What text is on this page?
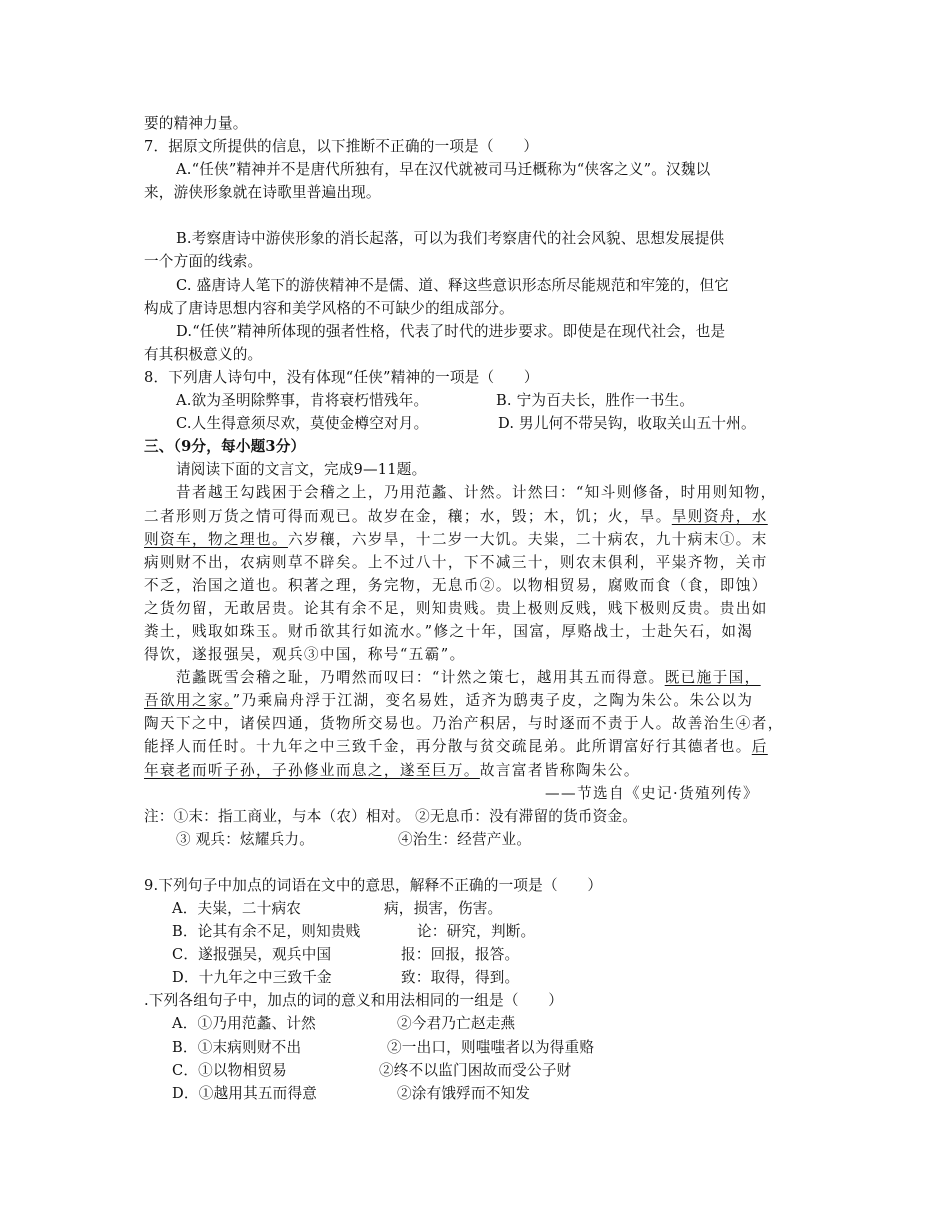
要的精神力量。
7．据原文所提供的信息，以下推断不正确的一项是（　　）
A.“任侠”精神并不是唐代所独有，早在汉代就被司马迁概称为“侠客之义”。汉魏以
来，游侠形象就在诗歌里普遍出现。
B.考察唐诗中游侠形象的消长起落，可以为我们考察唐代的社会风貌、思想发展提供
一个方面的线索。
C. 盛唐诗人笔下的游侠精神不是儒、道、释这些意识形态所尽能规范和牢笼的，但它
构成了唐诗思想内容和美学风格的不可缺少的组成部分。
D.“任侠”精神所体现的强者性格，代表了时代的进步要求。即使是在现代社会，也是
有其积极意义的。
8．下列唐人诗句中，没有体现“任侠”精神的一项是（　　）
A.欲为圣明除弊事，肯将衰朽惜残年。	B. 宁为百夫长，胜作一书生。
C.人生得意须尽欢，莫使金樽空对月。	D. 男儿何不带吴钩，收取关山五十州。
三、（9分，每小题3分）
请阅读下面的文言文，完成9—11题。
昔者越王勾践困于会稽之上，乃用范蠡、计然。计然曰：“知斗则修备，时用则知物，
二者形则万货之情可得而观已。故岁在金，穰；水，毁；木，饥；火，旱。旱则资舟，水
则资车，物之理也。六岁穰，六岁旱，十二岁一大饥。夫粜，二十病农，九十病末①。末
病则财不出，农病则草不辟矣。上不过八十，下不减三十，则农末俱利，平粜齐物，关市
不乏，治国之道也。积著之理，务完物，无息币②。以物相贸易，腐败而食（食，即蚀）
之货勿留，无敢居贵。论其有余不足，则知贵贱。贵上极则反贱，贱下极则反贵。贵出如
粪土，贱取如珠玉。财币欲其行如流水。”修之十年，国富，厚赂战士，士赴矢石，如渴
得饮，遂报强吴，观兵③中国，称号“五霸”。
范蠡既雪会稽之耻，乃喟然而叹曰：“计然之策七，越用其五而得意。既已施于国，
吾欲用之家。”乃乘扁舟浮于江湖，变名易姓，适齐为鸱夷子皮，之陶为朱公。朱公以为
陶天下之中，诸侯四通，货物所交易也。乃治产积居，与时逐而不责于人。故善治生④者，
能择人而任时。十九年之中三致千金，再分散与贫交疏昆弟。此所谓富好行其德者也。后
年衰老而听子孙，子孙修业而息之，遂至巨万。故言富者皆称陶朱公。
——节选自《史记·货殖列传》
注：①末：指工商业，与本（农）相对。 ②无息币：没有滞留的货币资金。
③ 观兵：炫耀兵力。	④治生：经营产业。
9.下列句子中加点的词语在文中的意思，解释不正确的一项是（　　）
A．夫粜，二十病农	病，损害，伤害。
B．论其有余不足，则知贵贱	论：研究，判断。
C．遂报强吴，观兵中国	报：回报，报答。
D．十九年之中三致千金	致：取得，得到。
.下列各组句子中，加点的词的意义和用法相同的一组是（　　）
A．①乃用范蠡、计然	②今君乃亡赵走燕
B．①末病则财不出	②一出口，则嗤嗤者以为得重赂
C．①以物相贸易	②终不以监门困故而受公子财
D．①越用其五而得意	②涂有饿殍而不知发
